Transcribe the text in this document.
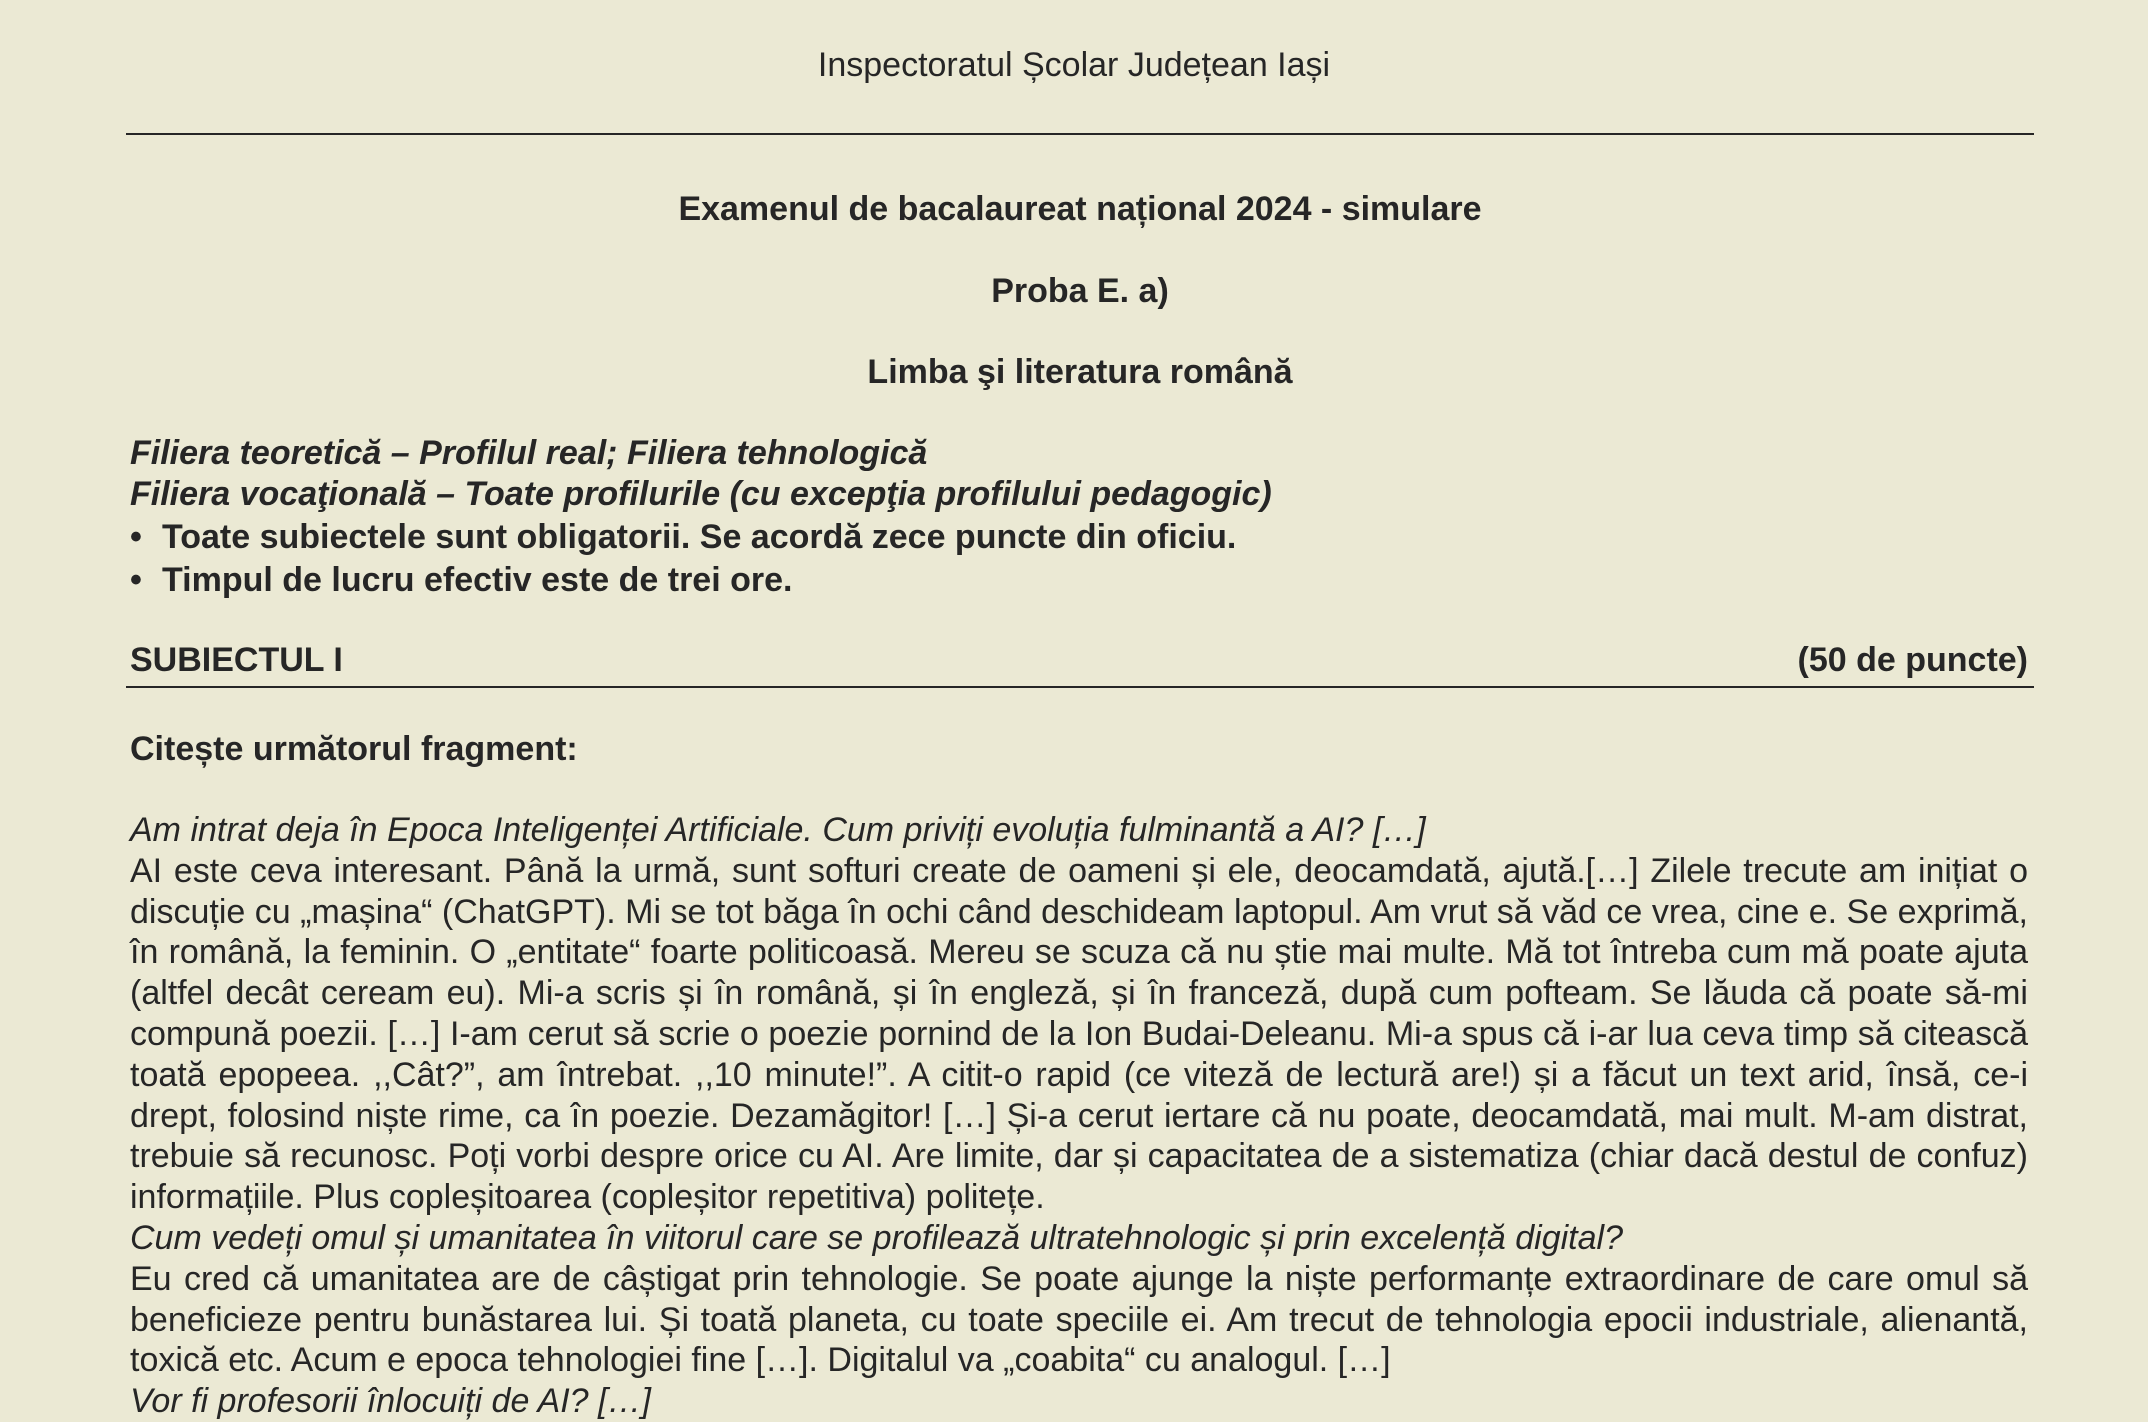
Inspectoratul Școlar Județean Iași
Examenul de bacalaureat național 2024 - simulare
Proba E. a)
Limba şi literatura română
Filiera teoretică – Profilul real; Filiera tehnologică
Filiera vocaţională – Toate profilurile (cu excepţia profilului pedagogic)
• Toate subiectele sunt obligatorii. Se acordă zece puncte din oficiu.
• Timpul de lucru efectiv este de trei ore.
SUBIECTUL I	(50 de puncte)
Citește următorul fragment:

Am intrat deja în Epoca Inteligenței Artificiale. Cum priviți evoluția fulminantă a AI? […]

AI este ceva interesant. Până la urmă, sunt softuri create de oameni și ele, deocamdată, ajută.[…] Zilele trecute am inițiat o discuție cu „mașina“ (ChatGPT). Mi se tot băga în ochi când deschideam laptopul. Am vrut să văd ce vrea, cine e. Se exprimă, în română, la feminin. O „entitate“ foarte politicoasă. Mereu se scuza că nu știe mai multe. Mă tot întreba cum mă poate ajuta (altfel decât ceream eu). Mi-a scris și în română, și în engleză, și în franceză, după cum pofteam. Se lăuda că poate să-mi compună poezii. […] I-am cerut să scrie o poezie pornind de la Ion Budai-Deleanu. Mi-a spus că i-ar lua ceva timp să citească toată epopeea. ,,Cât?”, am întrebat. ,,10 minute!”. A citit-o rapid (ce viteză de lectură are!) și a făcut un text arid, însă, ce-i drept, folosind niște rime, ca în poezie. Dezamăgitor! […] Și-a cerut iertare că nu poate, deocamdată, mai mult. M-am distrat, trebuie să recunosc. Poți vorbi despre orice cu AI. Are limite, dar și capacitatea de a sistematiza (chiar dacă destul de confuz) informațiile. Plus copleșitoarea (copleșitor repetitiva) politețe.

Cum vedeți omul și umanitatea în viitorul care se profilează ultratehnologic și prin excelență digital?

Eu cred că umanitatea are de câștigat prin tehnologie. Se poate ajunge la niște performanțe extraordinare de care omul să beneficieze pentru bunăstarea lui. Și toată planeta, cu toate speciile ei. Am trecut de tehnologia epocii industriale, alienantă, toxică etc. Acum e epoca tehnologiei fine […]. Digitalul va „coabita“ cu analogul. […]

Vor fi profesorii înlocuiți de AI? […]
